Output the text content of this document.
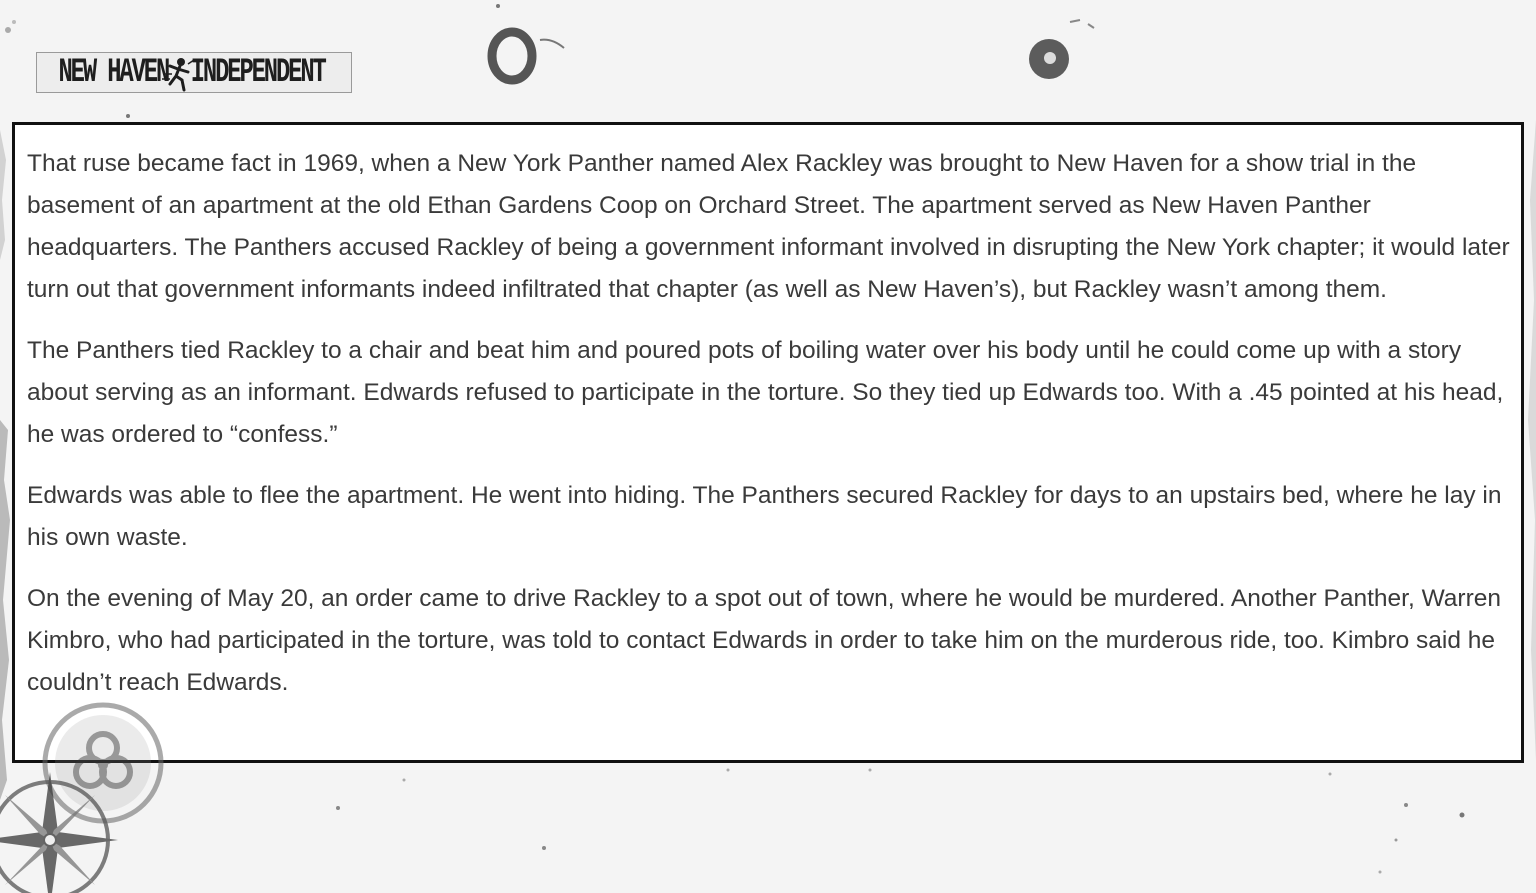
NEW HAVEN INDEPENDENT

That ruse became fact in 1969, when a New York Panther named Alex Rackley was brought to New Haven for a show trial in the basement of an apartment at the old Ethan Gardens Coop on Orchard Street. The apartment served as New Haven Panther headquarters. The Panthers accused Rackley of being a government informant involved in disrupting the New York chapter; it would later turn out that government informants indeed infiltrated that chapter (as well as New Haven’s), but Rackley wasn’t among them.

The Panthers tied Rackley to a chair and beat him and poured pots of boiling water over his body until he could come up with a story about serving as an informant. Edwards refused to participate in the torture. So they tied up Edwards too. With a .45 pointed at his head, he was ordered to “confess.”

Edwards was able to flee the apartment. He went into hiding. The Panthers secured Rackley for days to an upstairs bed, where he lay in his own waste.

On the evening of May 20, an order came to drive Rackley to a spot out of town, where he would be murdered. Another Panther, Warren Kimbro, who had participated in the torture, was told to contact Edwards in order to take him on the murderous ride, too. Kimbro said he couldn’t reach Edwards.
